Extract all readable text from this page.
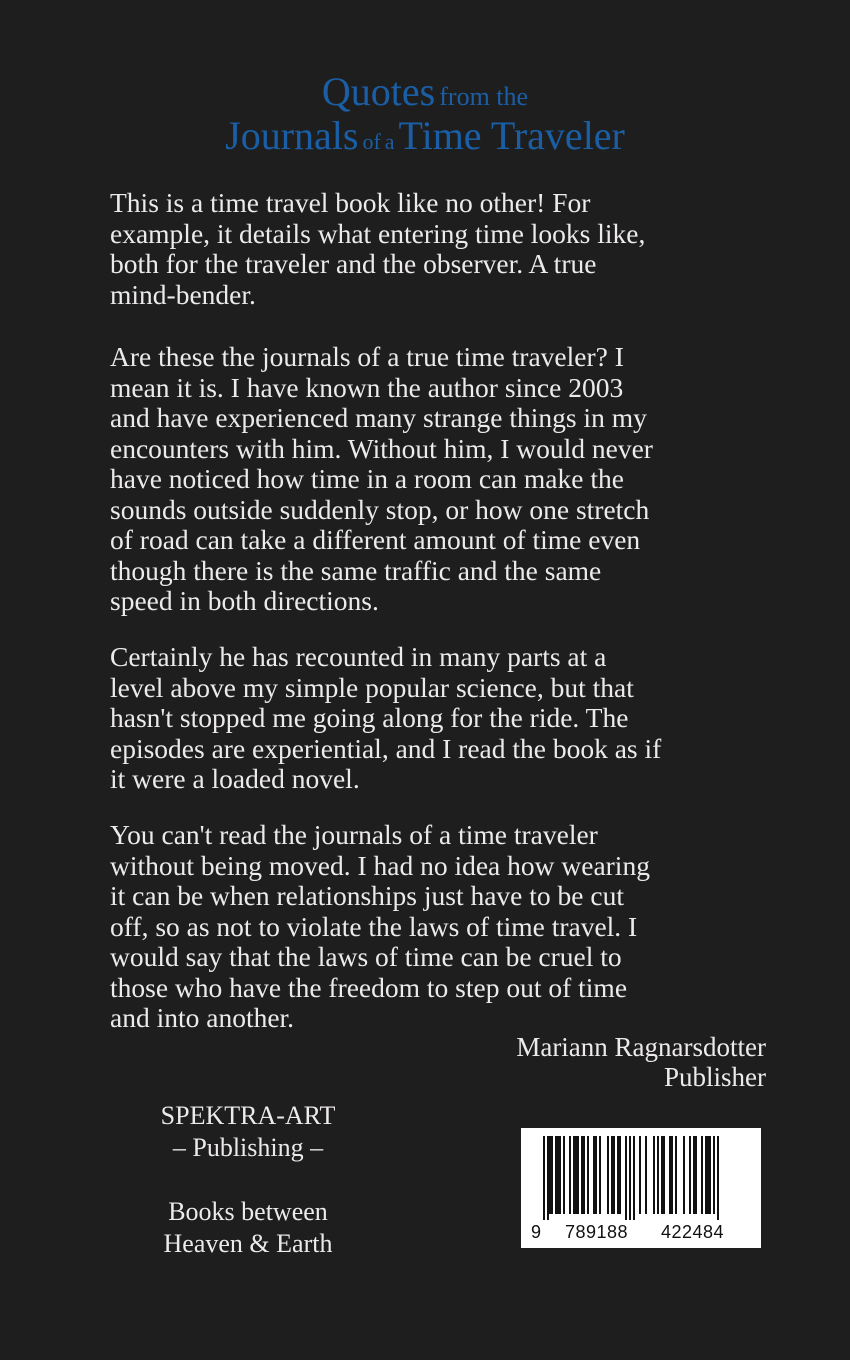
Quotes from the
Journals of a Time Traveler
This is a time travel book like no other! For
example, it details what entering time looks like,
both for the traveler and the observer. A true
mind-bender.
Are these the journals of a true time traveler? I
mean it is. I have known the author since 2003
and have experienced many strange things in my
encounters with him. Without him, I would never
have noticed how time in a room can make the
sounds outside suddenly stop, or how one stretch
of road can take a different amount of time even
though there is the same traffic and the same
speed in both directions.
Certainly he has recounted in many parts at a
level above my simple popular science, but that
hasn't stopped me going along for the ride. The
episodes are experiential, and I read the book as if
it were a loaded novel.
You can't read the journals of a time traveler
without being moved. I had no idea how wearing
it can be when relationships just have to be cut
off, so as not to violate the laws of time travel. I
would say that the laws of time can be cruel to
those who have the freedom to step out of time
and into another.
Mariann Ragnarsdotter
Publisher
SPEKTRA-ART
– Publishing –
Books between
Heaven & Earth	9 789188 422484
